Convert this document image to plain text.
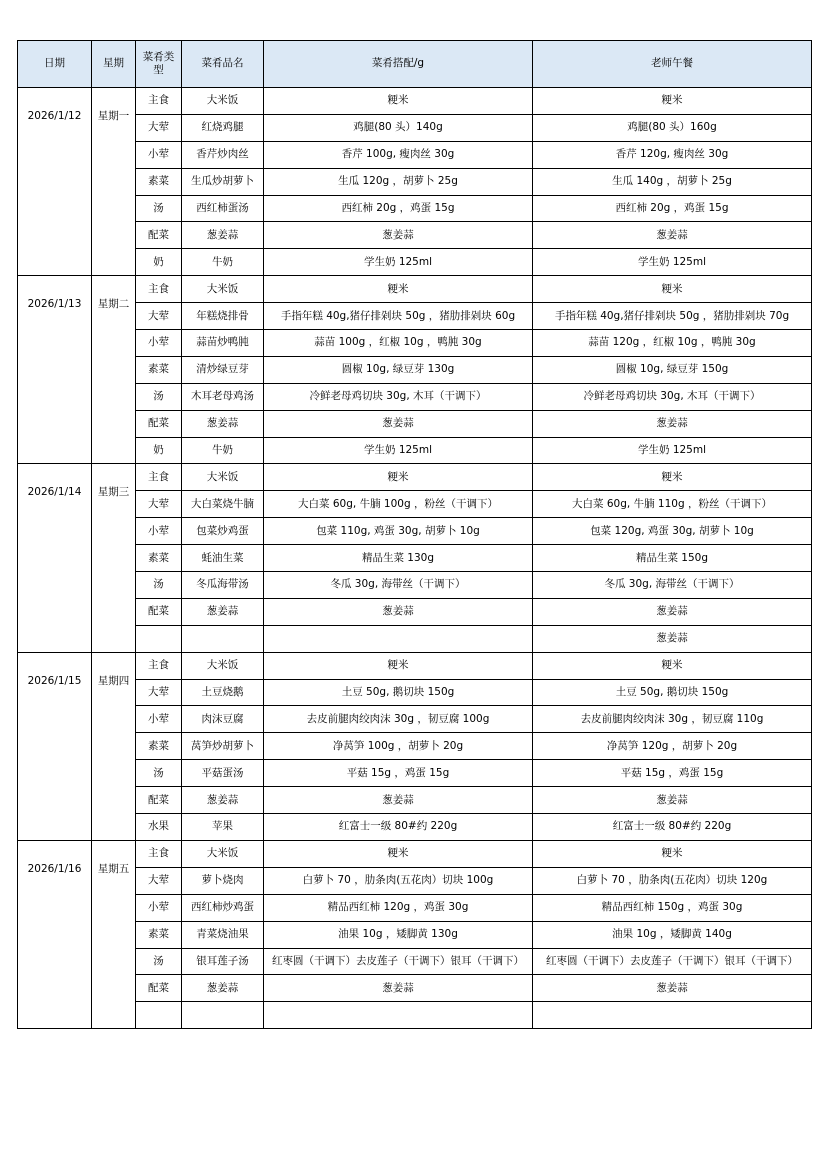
日期	星期	菜肴类型	菜肴品名	菜肴搭配/g	老师午餐
2026/1/12	星期一	主食	大米饭	粳米	粳米
		大荤	红烧鸡腿	鸡腿(80 头）140g	鸡腿(80 头）160g
		小荤	香芹炒肉丝	香芹 100g, 瘦肉丝 30g	香芹 120g, 瘦肉丝 30g
		素菜	生瓜炒胡萝卜	生瓜 120g ，胡萝卜 25g	生瓜 140g ，胡萝卜 25g
		汤	西红柿蛋汤	西红柿 20g ，鸡蛋 15g	西红柿 20g ，鸡蛋 15g
		配菜	葱姜蒜	葱姜蒜	葱姜蒜
		奶	牛奶	学生奶 125ml	学生奶 125ml
2026/1/13	星期二	主食	大米饭	粳米	粳米
		大荤	年糕烧排骨	手指年糕 40g,猪仔排剁块 50g ，猪肋排剁块 60g	手指年糕 40g,猪仔排剁块 50g ，猪肋排剁块 70g
		小荤	蒜苗炒鸭肫	蒜苗 100g ，红椒 10g ，鸭肫 30g	蒜苗 120g ，红椒 10g ，鸭肫 30g
		素菜	清炒绿豆芽	圆椒 10g, 绿豆芽 130g	圆椒 10g, 绿豆芽 150g
		汤	木耳老母鸡汤	冷鲜老母鸡切块 30g, 木耳（干调下）	冷鲜老母鸡切块 30g, 木耳（干调下）
		配菜	葱姜蒜	葱姜蒜	葱姜蒜
		奶	牛奶	学生奶 125ml	学生奶 125ml
2026/1/14	星期三	主食	大米饭	粳米	粳米
		大荤	大白菜烧牛腩	大白菜 60g, 牛腩 100g ，粉丝（干调下）	大白菜 60g, 牛腩 110g ，粉丝（干调下）
		小荤	包菜炒鸡蛋	包菜 110g, 鸡蛋 30g, 胡萝卜 10g	包菜 120g, 鸡蛋 30g, 胡萝卜 10g
		素菜	蚝油生菜	精品生菜 130g	精品生菜 150g
		汤	冬瓜海带汤	冬瓜 30g, 海带丝（干调下）	冬瓜 30g, 海带丝（干调下）
		配菜	葱姜蒜	葱姜蒜	葱姜蒜
					葱姜蒜
2026/1/15	星期四	主食	大米饭	粳米	粳米
		大荤	土豆烧鹅	土豆 50g, 鹅切块 150g	土豆 50g, 鹅切块 150g
		小荤	肉沫豆腐	去皮前腿肉绞肉沫 30g ，韧豆腐 100g	去皮前腿肉绞肉沫 30g ，韧豆腐 110g
		素菜	莴笋炒胡萝卜	净莴笋 100g ，胡萝卜 20g	净莴笋 120g ，胡萝卜 20g
		汤	平菇蛋汤	平菇 15g ，鸡蛋 15g	平菇 15g ，鸡蛋 15g
		配菜	葱姜蒜	葱姜蒜	葱姜蒜
		水果	苹果	红富士一级 80#约 220g	红富士一级 80#约 220g
2026/1/16	星期五	主食	大米饭	粳米	粳米
		大荤	萝卜烧肉	白萝卜 70 ，肋条肉(五花肉）切块 100g	白萝卜 70 ，肋条肉(五花肉）切块 120g
		小荤	西红柿炒鸡蛋	精品西红柿 120g ，鸡蛋 30g	精品西红柿 150g ，鸡蛋 30g
		素菜	青菜烧油果	油果 10g ，矮脚黄 130g	油果 10g ，矮脚黄 140g
		汤	银耳莲子汤	红枣圆（干调下）去皮莲子（干调下）银耳（干调下）	红枣圆（干调下）去皮莲子（干调下）银耳（干调下）
		配菜	葱姜蒜	葱姜蒜	葱姜蒜
